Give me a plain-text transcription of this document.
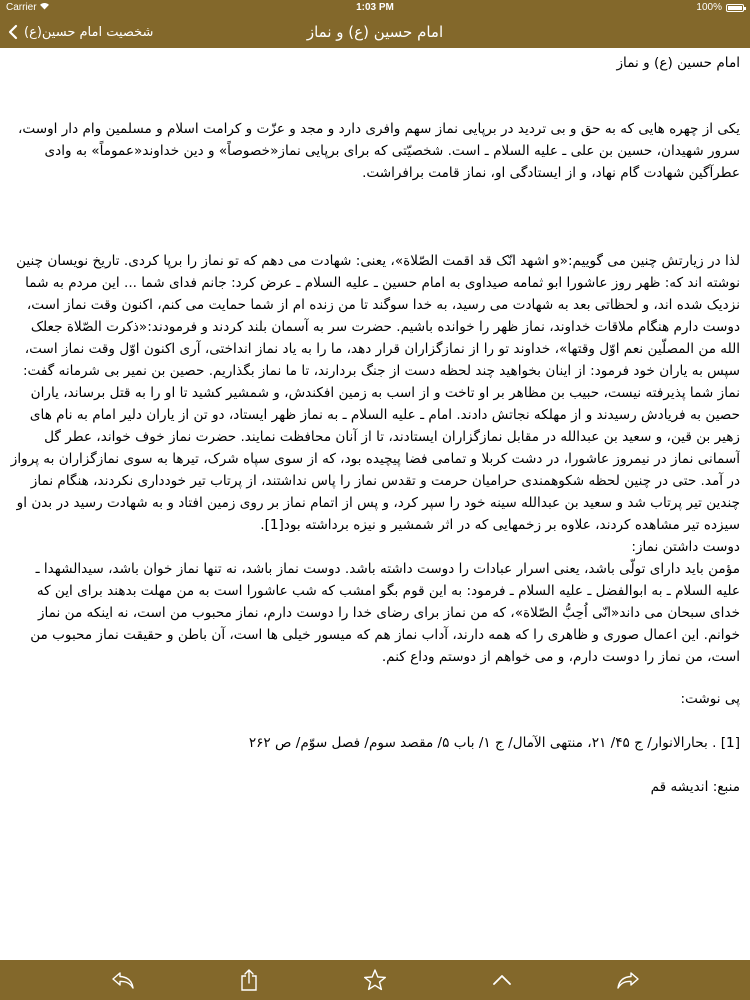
Carrier	1:03 PM	100%
شخصیت امام حسین(ع)	امام حسین (ع) و نماز

امام حسين (ع) و نماز

يكى از چهره هايى كه به حق و بى ترديد در برپايى نماز سهم وافرى دارد و مجد و عزّت و كرامت اسلام و مسلمين وام دار اوست، سرور شهيدان، حسين بن على ـ عليه السلام ـ است. شخصيّتى كه براى برپايى نماز«خصوصاً» و دين خداوند«عموماً» به وادى عطرآگين شهادت گام نهاد، و از ايستادگى او، نماز قامت برافراشت.

لذا در زيارتش چنين مى گوييم:«و اشهد انّک قد اقمت الصّلاة»، يعنى: شهادت مى دهم كه تو نماز را برپا كردى. تاريخ نويسان چنين نوشته اند كه: ظهر روز عاشورا ابو ثمامه صيداوى به امام حسين ـ عليه السلام ـ عرض كرد: جانم فداى شما ... اين مردم به شما نزديک شده اند، و لحظاتى بعد به شهادت مى رسيد، به خدا سوگند تا من زنده ام از شما حمايت مى كنم، اكنون وقت نماز است، دوست دارم هنگام ملاقات خداوند، نماز ظهر را خوانده باشيم. حضرت سر به آسمان بلند كردند و فرمودند:«ذكرت الصّلاة جعلک الله من المصلّين نعم اوّل وقتها»، خداوند تو را از نمازگزاران قرار دهد، ما را به ياد نماز انداختى، آرى اكنون اوّل وقت نماز است، سپس به ياران خود فرمود: از اينان بخواهيد چند لحظه دست از جنگ بردارند، تا ما نماز بگذاريم. حصين بن نمير بى شرمانه گفت: نماز شما پذيرفته نيست، حبيب بن مظاهر بر او تاخت و از اسب به زمين افكندش، و شمشير كشيد تا او را به قتل برساند، ياران حصين به فريادش رسيدند و از مهلكه نجاتش دادند. امام ـ عليه السلام ـ به نماز ظهر ايستاد، دو تن از ياران دلير امام به نام هاى زهير بن قين، و سعيد بن عبدالله در مقابل نمازگزاران ايستادند، تا از آنان محافظت نمايند. حضرت نماز خوف خواند، عطر گل آسمانى نماز در نيمروز عاشورا، در دشت كربلا و تمامى فضا پيچيده بود، كه از سوى سپاه شرک، تيرها به سوى نمازگزاران به پرواز در آمد. حتى در چنين لحظه شكوهمندى حراميان حرمت و تقدس نماز را پاس نداشتند، از پرتاب تير خوددارى نكردند، هنگام نماز چندين تير پرتاب شد و سعيد بن عبدالله سينه خود را سپر كرد، و پس از اتمام نماز بر روى زمين افتاد و به شهادت رسيد در بدن او سيزده تير مشاهده كردند، علاوه بر زخمهايى كه در اثر شمشير و نيزه برداشته بود[1].

دوست داشتن نماز:

مؤمن بايد داراى تولّى باشد، يعنى اسرار عبادات را دوست داشته باشد. دوست نماز باشد، نه تنها نماز خوان باشد، سيدالشهدا ـ عليه السلام ـ به ابوالفضل ـ عليه السلام ـ فرمود: به اين قوم بگو امشب كه شب عاشورا است به من مهلت بدهند براى اين كه خداى سبحان مى داند«انّى اُحِبُّ الصّلاة»، كه من نماز براى رضاى خدا را دوست دارم، نماز محبوب من است، نه اينكه من نماز خوانم. اين اعمال صورى و ظاهرى را كه همه دارند، آداب نماز هم كه ميسور خيلى ها است، آن باطن و حقيقت نماز محبوب من است، من نماز را دوست دارم، و مى خواهم از دوستم وداع كنم.

پى نوشت:

[1] . بحارالانوار/ ج ۴۵/ ۲۱، منتهى الآمال/ ج ۱/ باب ۵/ مقصد سوم/ فصل سوّم/ ص ۲۶۲

منبع: انديشه قم
